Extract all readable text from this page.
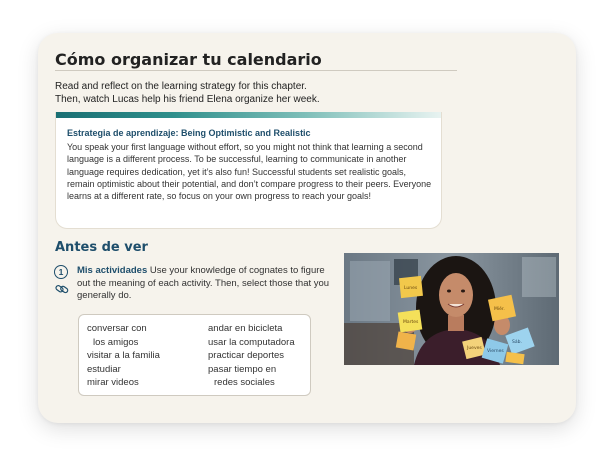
Cómo organizar tu calendario
Read and reflect on the learning strategy for this chapter.
Then, watch Lucas help his friend Elena organize her week.
Estrategia de aprendizaje: Being Optimistic and Realistic
You speak your first language without effort, so you might not think that learning a second language is a different process. To be successful, learning to communicate in another language requires dedication, yet it’s also fun! Successful students set realistic goals, remain optimistic about their potential, and don’t compare progress to their peers. Everyone learns at a different rate, so focus on your own progress to reach your goals!
Antes de ver
1	Mis actividades Use your knowledge of cognates to figure out the meaning of each activity. Then, select those that you generally do.
conversar con
los amigos
visitar a la familia
estudiar
mirar videos
andar en bicicleta
usar la computadora
practicar deportes
pasar tiempo en
redes sociales
Lunes
Martes
Miér.
Jueves
Viernes
Sáb.
